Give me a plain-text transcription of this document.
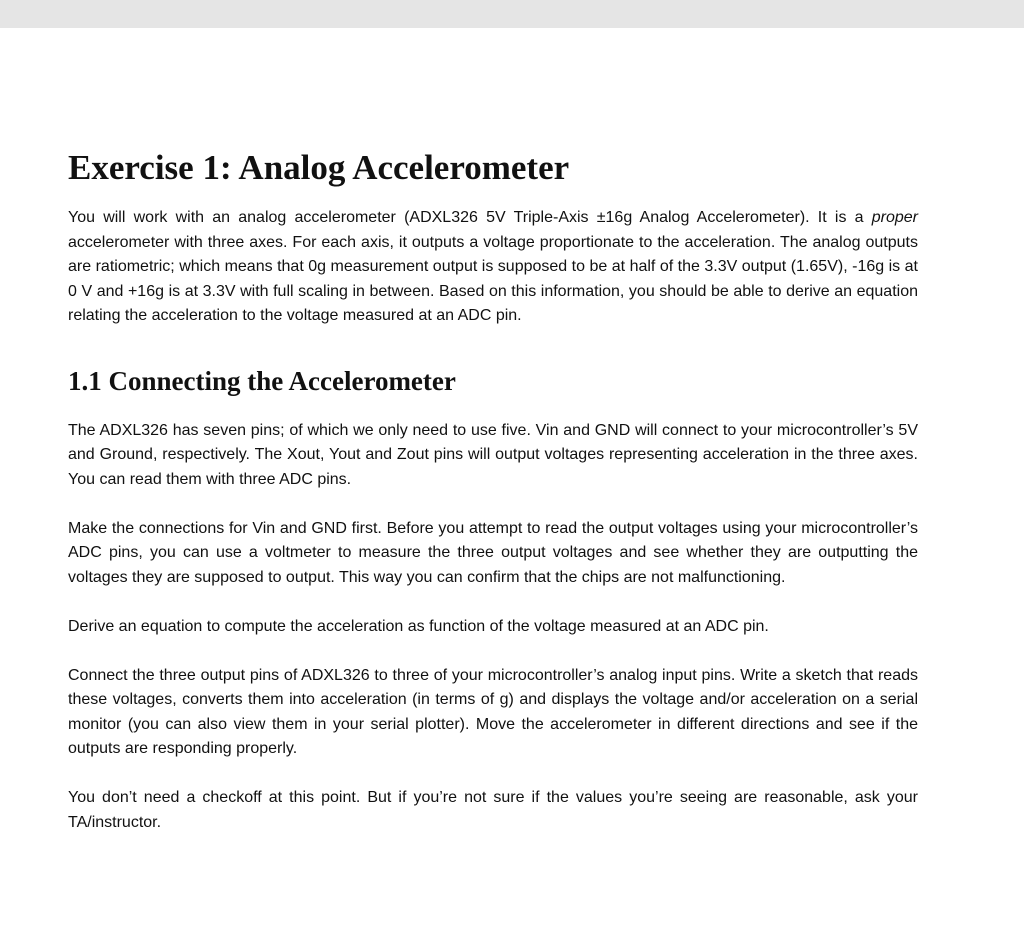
Exercise 1: Analog Accelerometer

You will work with an analog accelerometer (ADXL326 5V Triple-Axis ±16g Analog Accelerometer). It is a proper accelerometer with three axes. For each axis, it outputs a voltage proportionate to the acceleration. The analog outputs are ratiometric; which means that 0g measurement output is supposed to be at half of the 3.3V output (1.65V), -16g is at 0 V and +16g is at 3.3V with full scaling in between. Based on this information, you should be able to derive an equation relating the acceleration to the voltage measured at an ADC pin.

1.1 Connecting the Accelerometer

The ADXL326 has seven pins; of which we only need to use five. Vin and GND will connect to your microcontroller’s 5V and Ground, respectively. The Xout, Yout and Zout pins will output voltages representing acceleration in the three axes. You can read them with three ADC pins.

Make the connections for Vin and GND first. Before you attempt to read the output voltages using your microcontroller’s ADC pins, you can use a voltmeter to measure the three output voltages and see whether they are outputting the voltages they are supposed to output. This way you can confirm that the chips are not malfunctioning.

Derive an equation to compute the acceleration as function of the voltage measured at an ADC pin.

Connect the three output pins of ADXL326 to three of your microcontroller’s analog input pins. Write a sketch that reads these voltages, converts them into acceleration (in terms of g) and displays the voltage and/or acceleration on a serial monitor (you can also view them in your serial plotter). Move the accelerometer in different directions and see if the outputs are responding properly.

You don’t need a checkoff at this point. But if you’re not sure if the values you’re seeing are reasonable, ask your TA/instructor.
